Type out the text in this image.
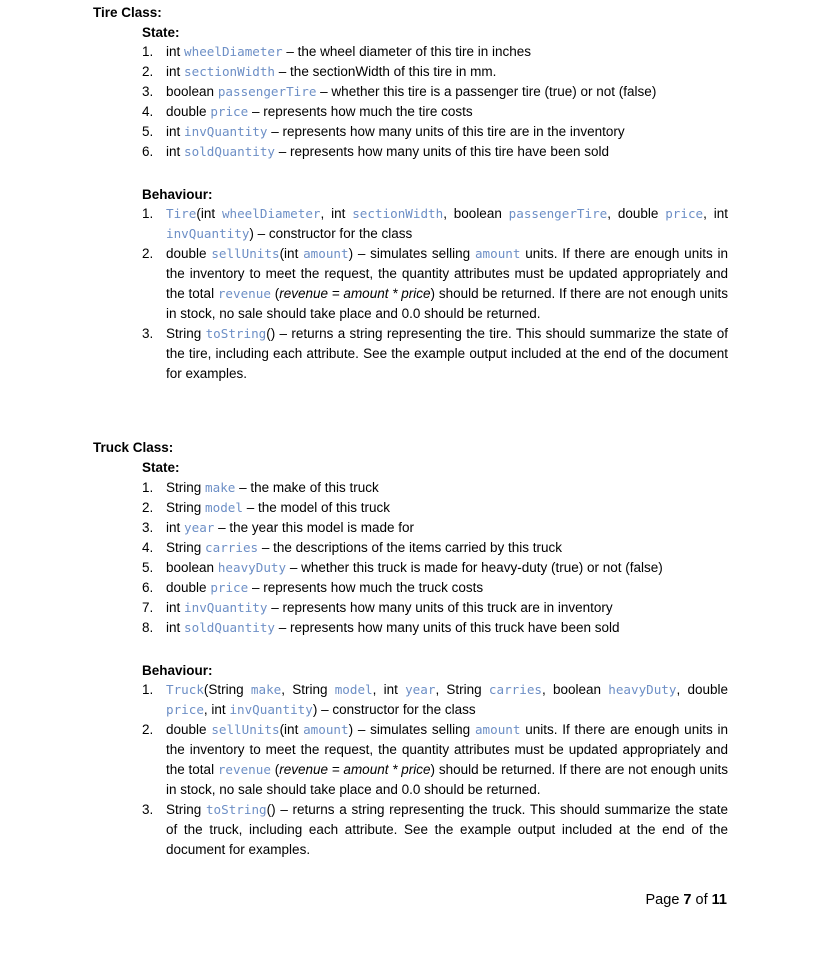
Tire Class:
State:
1. int wheelDiameter – the wheel diameter of this tire in inches
2. int sectionWidth – the sectionWidth of this tire in mm.
3. boolean passengerTire – whether this tire is a passenger tire (true) or not (false)
4. double price – represents how much the tire costs
5. int invQuantity – represents how many units of this tire are in the inventory
6. int soldQuantity – represents how many units of this tire have been sold
Behaviour:
1.	Tire(int wheelDiameter, int sectionWidth, boolean passengerTire, double price, int invQuantity) – constructor for the class
2. double sellUnits(int amount) – simulates selling amount units. If there are enough units in the inventory to meet the request, the quantity attributes must be updated appropriately and the total revenue (revenue = amount * price) should be returned. If there are not enough units in stock, no sale should take place and 0.0 should be returned.
3. String toString() – returns a string representing the tire. This should summarize the state of the tire, including each attribute. See the example output included at the end of the document for examples.
Truck Class:
State:
1. String make – the make of this truck
2. String model – the model of this truck
3. int year – the year this model is made for
4. String carries – the descriptions of the items carried by this truck
5. boolean heavyDuty – whether this truck is made for heavy-duty (true) or not (false)
6. double price – represents how much the truck costs
7. int invQuantity – represents how many units of this truck are in inventory
8. int soldQuantity – represents how many units of this truck have been sold
Behaviour:
1.	Truck(String make, String model, int year, String carries, boolean heavyDuty, double price, int invQuantity) – constructor for the class
2. double sellUnits(int amount) – simulates selling amount units. If there are enough units in the inventory to meet the request, the quantity attributes must be updated appropriately and the total revenue (revenue = amount * price) should be returned. If there are not enough units in stock, no sale should take place and 0.0 should be returned.
3. String toString() – returns a string representing the truck. This should summarize the state of the truck, including each attribute. See the example output included at the end of the document for examples.
Page 7 of 11
